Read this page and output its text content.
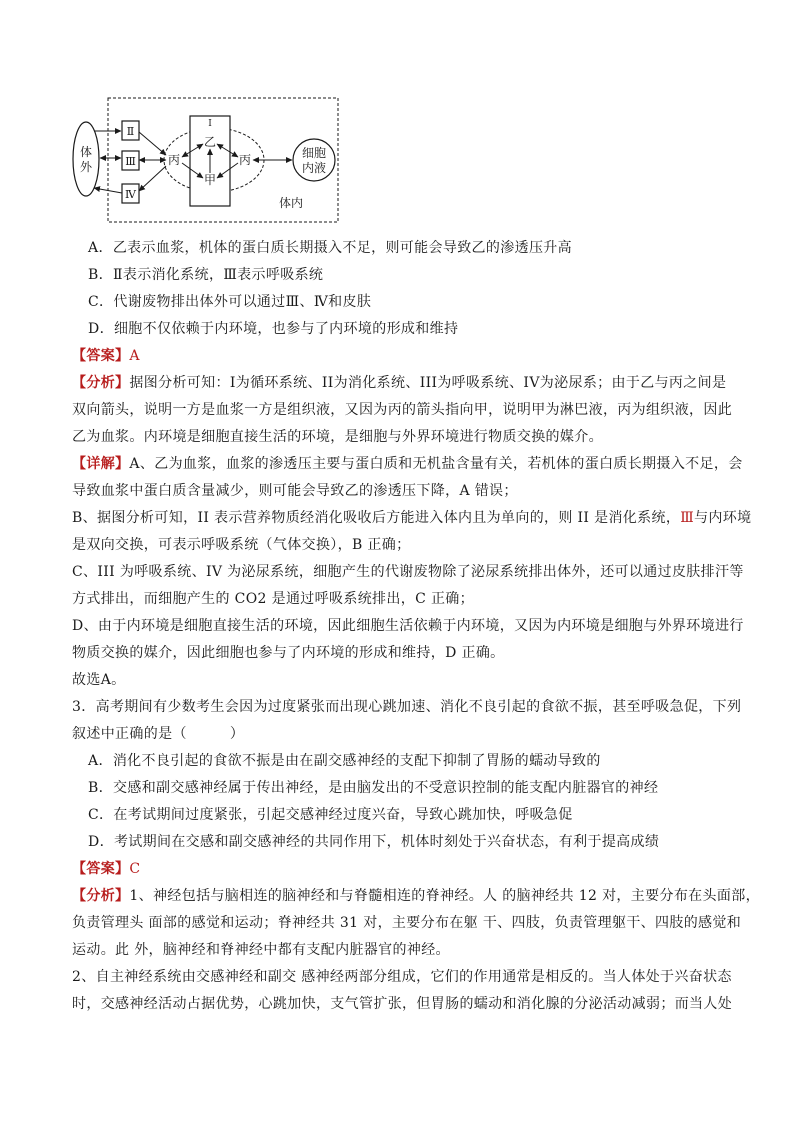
体
外
Ⅱ
Ⅲ
Ⅳ
Ⅰ
丙
乙
甲
丙	细胞
内液
体内
A．乙表示血浆，机体的蛋白质长期摄入不足，则可能会导致乙的渗透压升高
B．Ⅱ表示消化系统，Ⅲ表示呼吸系统
C．代谢废物排出体外可以通过Ⅲ、Ⅳ和皮肤
D．细胞不仅依赖于内环境，也参与了内环境的形成和维持
【答案】A
【分析】据图分析可知：I为循环系统、II为消化系统、III为呼吸系统、IV为泌尿系；由于乙与丙之间是
双向箭头，说明一方是血浆一方是组织液，又因为丙的箭头指向甲，说明甲为淋巴液，丙为组织液，因此
乙为血浆。内环境是细胞直接生活的环境，是细胞与外界环境进行物质交换的媒介。
【详解】A、乙为血浆，血浆的渗透压主要与蛋白质和无机盐含量有关，若机体的蛋白质长期摄入不足，会
导致血浆中蛋白质含量减少，则可能会导致乙的渗透压下降，A 错误；
B、据图分析可知，II 表示营养物质经消化吸收后方能进入体内且为单向的，则 II 是消化系统，Ⅲ与内环境
是双向交换，可表示呼吸系统（气体交换），B 正确；
C、III 为呼吸系统、IV 为泌尿系统，细胞产生的代谢废物除了泌尿系统排出体外，还可以通过皮肤排汗等
方式排出，而细胞产生的 CO2 是通过呼吸系统排出，C 正确；
D、由于内环境是细胞直接生活的环境，因此细胞生活依赖于内环境，又因为内环境是细胞与外界环境进行
物质交换的媒介，因此细胞也参与了内环境的形成和维持，D 正确。
故选A。
3．高考期间有少数考生会因为过度紧张而出现心跳加速、消化不良引起的食欲不振，甚至呼吸急促，下列
叙述中正确的是（　　　）
A．消化不良引起的食欲不振是由在副交感神经的支配下抑制了胃肠的蠕动导致的
B．交感和副交感神经属于传出神经，是由脑发出的不受意识控制的能支配内脏器官的神经
C．在考试期间过度紧张，引起交感神经过度兴奋，导致心跳加快，呼吸急促
D．考试期间在交感和副交感神经的共同作用下，机体时刻处于兴奋状态，有利于提高成绩
【答案】C
【分析】1、神经包括与脑相连的脑神经和与脊髓相连的脊神经。人 的脑神经共 12 对，主要分布在头面部，
负责管理头 面部的感觉和运动；脊神经共 31 对，主要分布在躯 干、四肢，负责管理躯干、四肢的感觉和
运动。此 外，脑神经和脊神经中都有支配内脏器官的神经。
2、自主神经系统由交感神经和副交 感神经两部分组成，它们的作用通常是相反的。当人体处于兴奋状态
时，交感神经活动占据优势，心跳加快，支气管扩张，但胃肠的蠕动和消化腺的分泌活动减弱；而当人处
